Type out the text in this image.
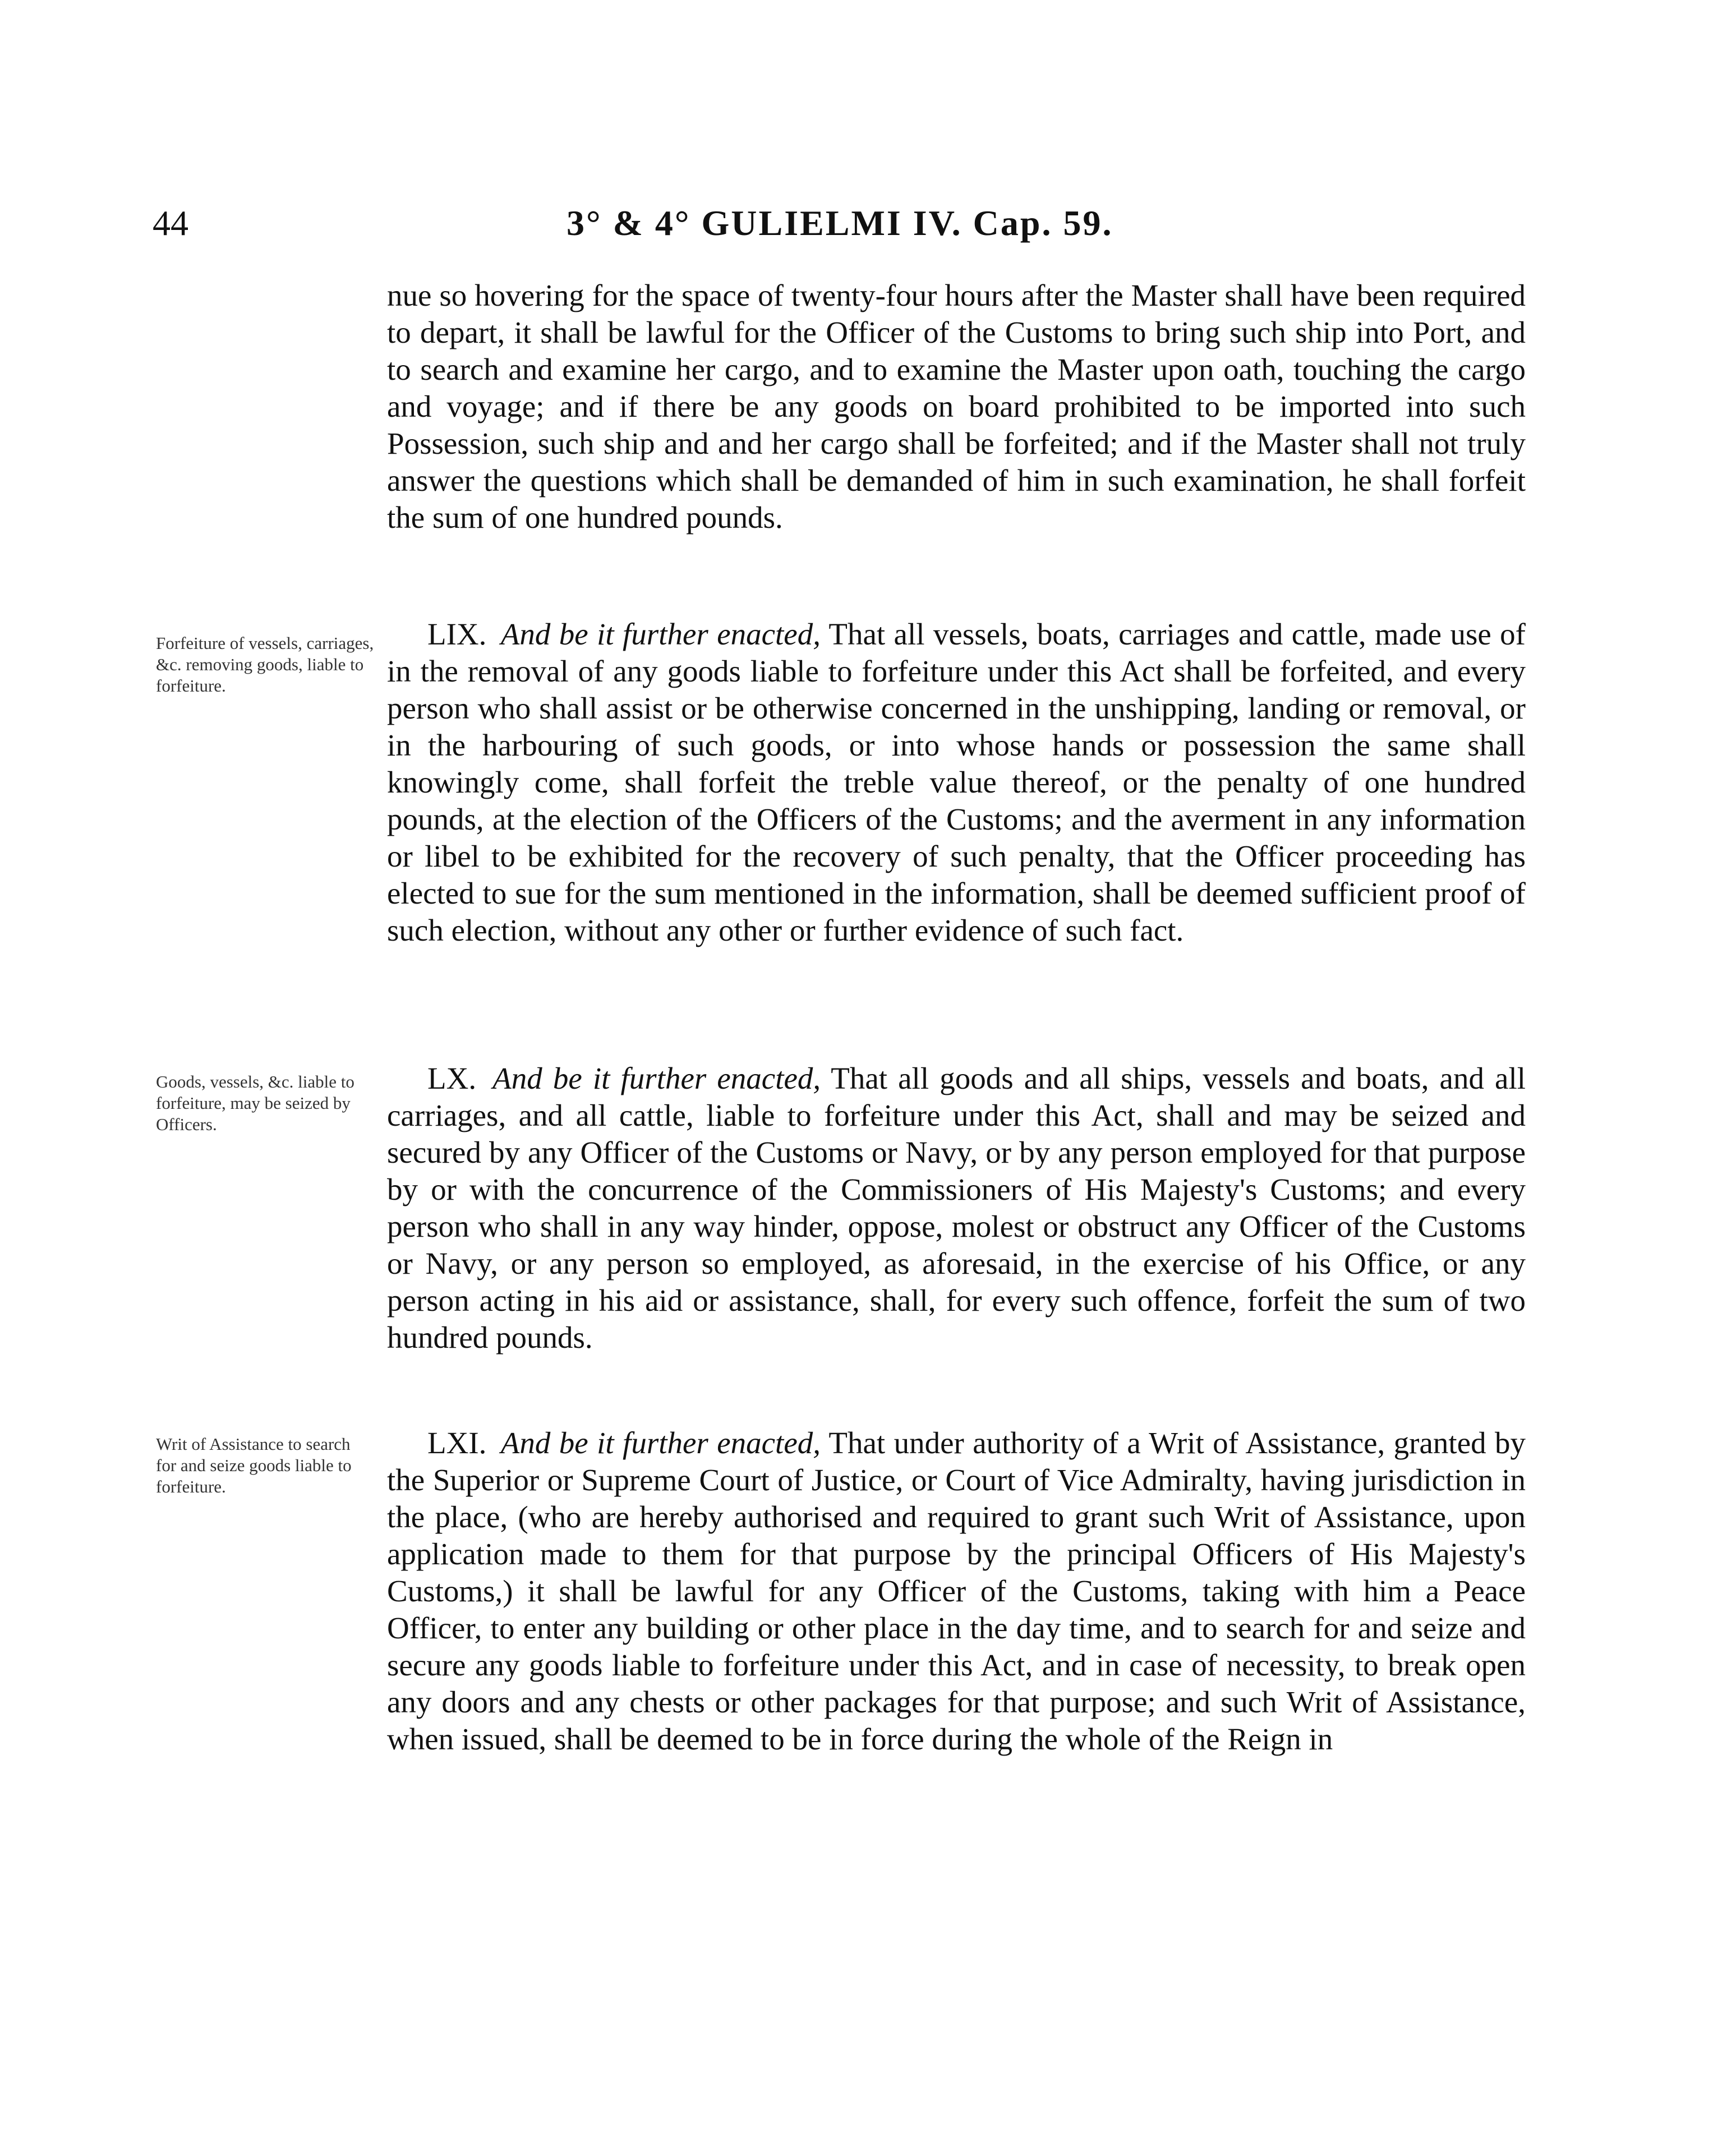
44	3° & 4° GULIELMI IV. Cap. 59.
nue so hovering for the space of twenty-four hours after the Master shall have been required to depart, it shall be lawful for the Officer of the Customs to bring such ship into Port, and to search and examine her cargo, and to examine the Master upon oath, touching the cargo and voyage; and if there be any goods on board prohibited to be imported into such Possession, such ship and and her cargo shall be forfeited; and if the Master shall not truly answer the questions which shall be demanded of him in such examination, he shall forfeit the sum of one hundred pounds.
LIX. And be it further enacted, That all vessels, boats, carriages and cattle, made use of in the removal of any goods liable to forfeiture under this Act shall be forfeited, and every person who shall assist or be otherwise concerned in the unshipping, landing or removal, or in the harbouring of such goods, or into whose hands or possession the same shall knowingly come, shall forfeit the treble value thereof, or the penalty of one hundred pounds, at the election of the Officers of the Customs; and the averment in any information or libel to be exhibited for the recovery of such penalty, that the Officer proceeding has elected to sue for the sum mentioned in the information, shall be deemed sufficient proof of such election, without any other or further evidence of such fact.
Forfeiture of vessels, carriages, &c. removing goods, liable to forfeiture.
LX. And be it further enacted, That all goods and all ships, vessels and boats, and all carriages, and all cattle, liable to forfeiture under this Act, shall and may be seized and secured by any Officer of the Customs or Navy, or by any person employed for that purpose by or with the concurrence of the Commissioners of His Majesty's Customs; and every person who shall in any way hinder, oppose, molest or obstruct any Officer of the Customs or Navy, or any person so employed, as aforesaid, in the exercise of his Office, or any person acting in his aid or assistance, shall, for every such offence, forfeit the sum of two hundred pounds.
Goods, vessels, &c. liable to forfeiture, may be seized by Officers.
LXI. And be it further enacted, That under authority of a Writ of Assistance, granted by the Superior or Supreme Court of Justice, or Court of Vice Admiralty, having jurisdiction in the place, (who are hereby authorised and required to grant such Writ of Assistance, upon application made to them for that purpose by the principal Officers of His Majesty's Customs,) it shall be lawful for any Officer of the Customs, taking with him a Peace Officer, to enter any building or other place in the day time, and to search for and seize and secure any goods liable to forfeiture under this Act, and in case of necessity, to break open any doors and any chests or other packages for that purpose; and such Writ of Assistance, when issued, shall be deemed to be in force during the whole of the Reign in
Writ of Assistance to search for and seize goods liable to forfeiture.
